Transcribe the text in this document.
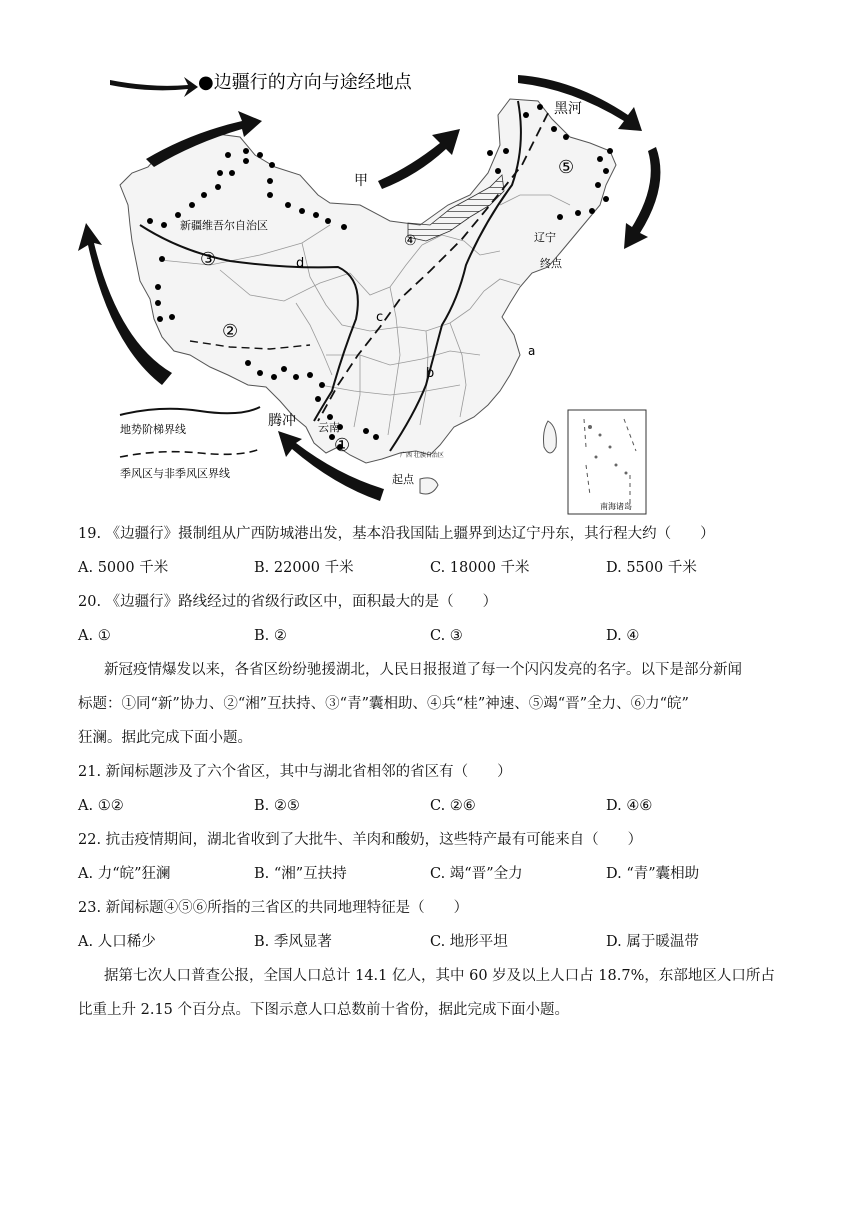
●边疆行的方向与途经地点
新疆维吾尔自治区
黑河
甲
辽宁
终点
腾冲 云南
起点
广西 壮族自治区
①
②
③
④
⑤
a
b
c
d
地势阶梯界线
季风区与非季风区界线
南海诸岛
19. 《边疆行》摄制组从广西防城港出发，基本沿我国陆上疆界到达辽宁丹东，其行程大约（　　）
A. 5000 千米	B. 22000 千米	C. 18000 千米	D. 5500 千米
20. 《边疆行》路线经过的省级行政区中，面积最大的是（　　）
A. ①	B. ②	C. ③	D. ④
新冠疫情爆发以来，各省区纷纷驰援湖北，人民日报报道了每一个闪闪发亮的名字。以下是部分新闻
标题：①同“新”协力、②“湘”互扶持、③“青”囊相助、④兵“桂”神速、⑤竭“晋”全力、⑥力“皖”
狂澜。据此完成下面小题。
21. 新闻标题涉及了六个省区，其中与湖北省相邻的省区有（　　）
A. ①②	B. ②⑤	C. ②⑥	D. ④⑥
22. 抗击疫情期间，湖北省收到了大批牛、羊肉和酸奶，这些特产最有可能来自（　　）
A. 力“皖”狂澜	B. “湘”互扶持	C. 竭“晋”全力	D. “青”囊相助
23. 新闻标题④⑤⑥所指的三省区的共同地理特征是（　　）
A. 人口稀少	B. 季风显著	C. 地形平坦	D. 属于暖温带
据第七次人口普查公报，全国人口总计 14.1 亿人，其中 60 岁及以上人口占 18.7%，东部地区人口所占
比重上升 2.15 个百分点。下图示意人口总数前十省份，据此完成下面小题。
